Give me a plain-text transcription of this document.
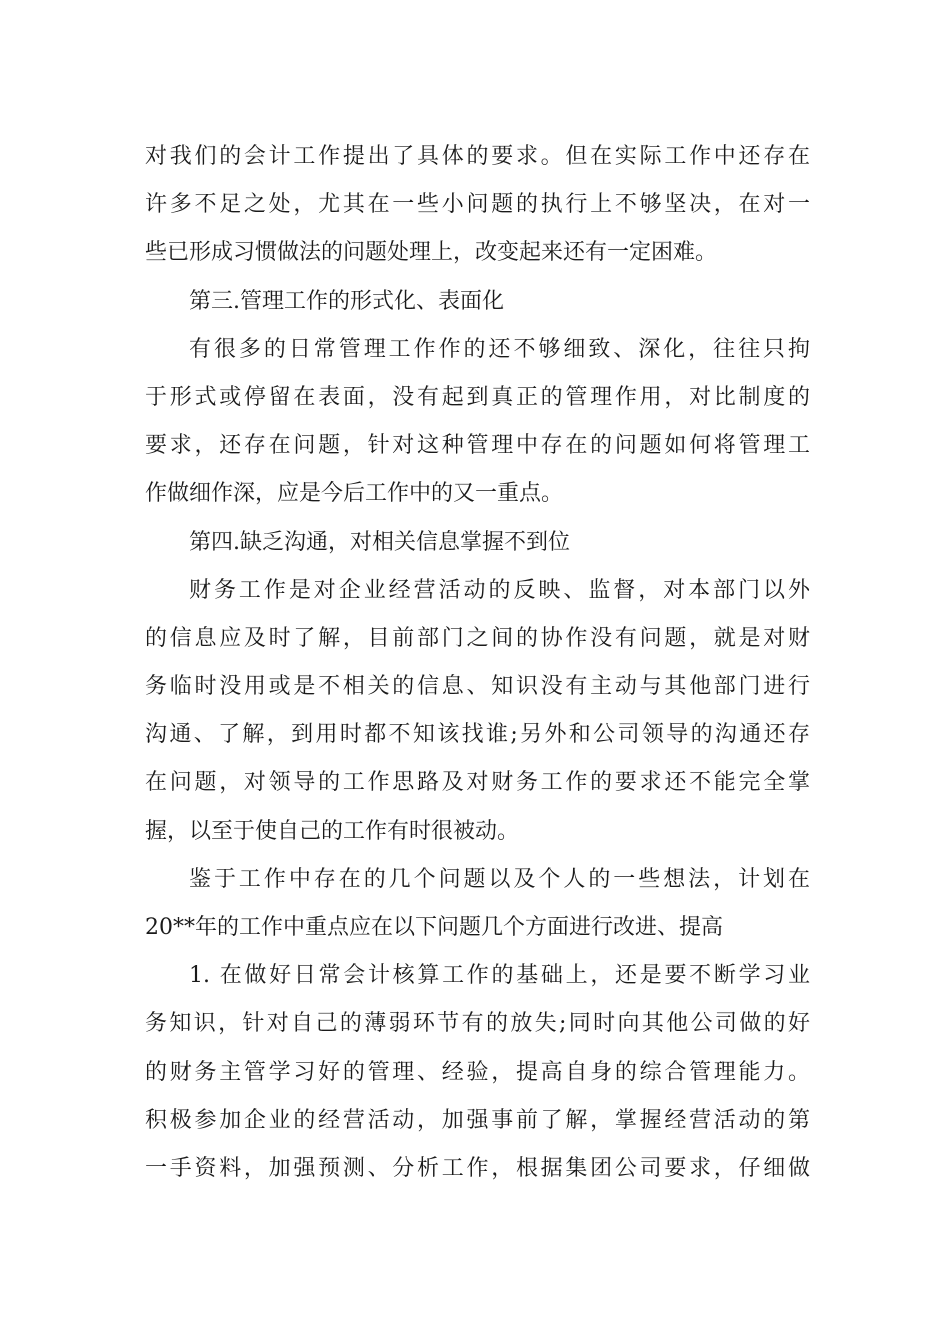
对我们的会计工作提出了具体的要求。但在实际工作中还存在
许多不足之处，尤其在一些小问题的执行上不够坚决，在对一
些已形成习惯做法的问题处理上，改变起来还有一定困难。
第三.管理工作的形式化、表面化
有很多的日常管理工作作的还不够细致、深化，往往只拘
于形式或停留在表面，没有起到真正的管理作用，对比制度的
要求，还存在问题，针对这种管理中存在的问题如何将管理工
作做细作深，应是今后工作中的又一重点。
第四.缺乏沟通，对相关信息掌握不到位
财务工作是对企业经营活动的反映、监督，对本部门以外
的信息应及时了解，目前部门之间的协作没有问题，就是对财
务临时没用或是不相关的信息、知识没有主动与其他部门进行
沟通、了解，到用时都不知该找谁;另外和公司领导的沟通还存
在问题，对领导的工作思路及对财务工作的要求还不能完全掌
握，以至于使自己的工作有时很被动。
鉴于工作中存在的几个问题以及个人的一些想法，计划在
20**年的工作中重点应在以下问题几个方面进行改进、提高
1. 在做好日常会计核算工作的基础上，还是要不断学习业
务知识，针对自己的薄弱环节有的放失;同时向其他公司做的好
的财务主管学习好的管理、经验，提高自身的综合管理能力。
积极参加企业的经营活动，加强事前了解，掌握经营活动的第
一手资料，加强预测、分析工作，根据集团公司要求，仔细做
